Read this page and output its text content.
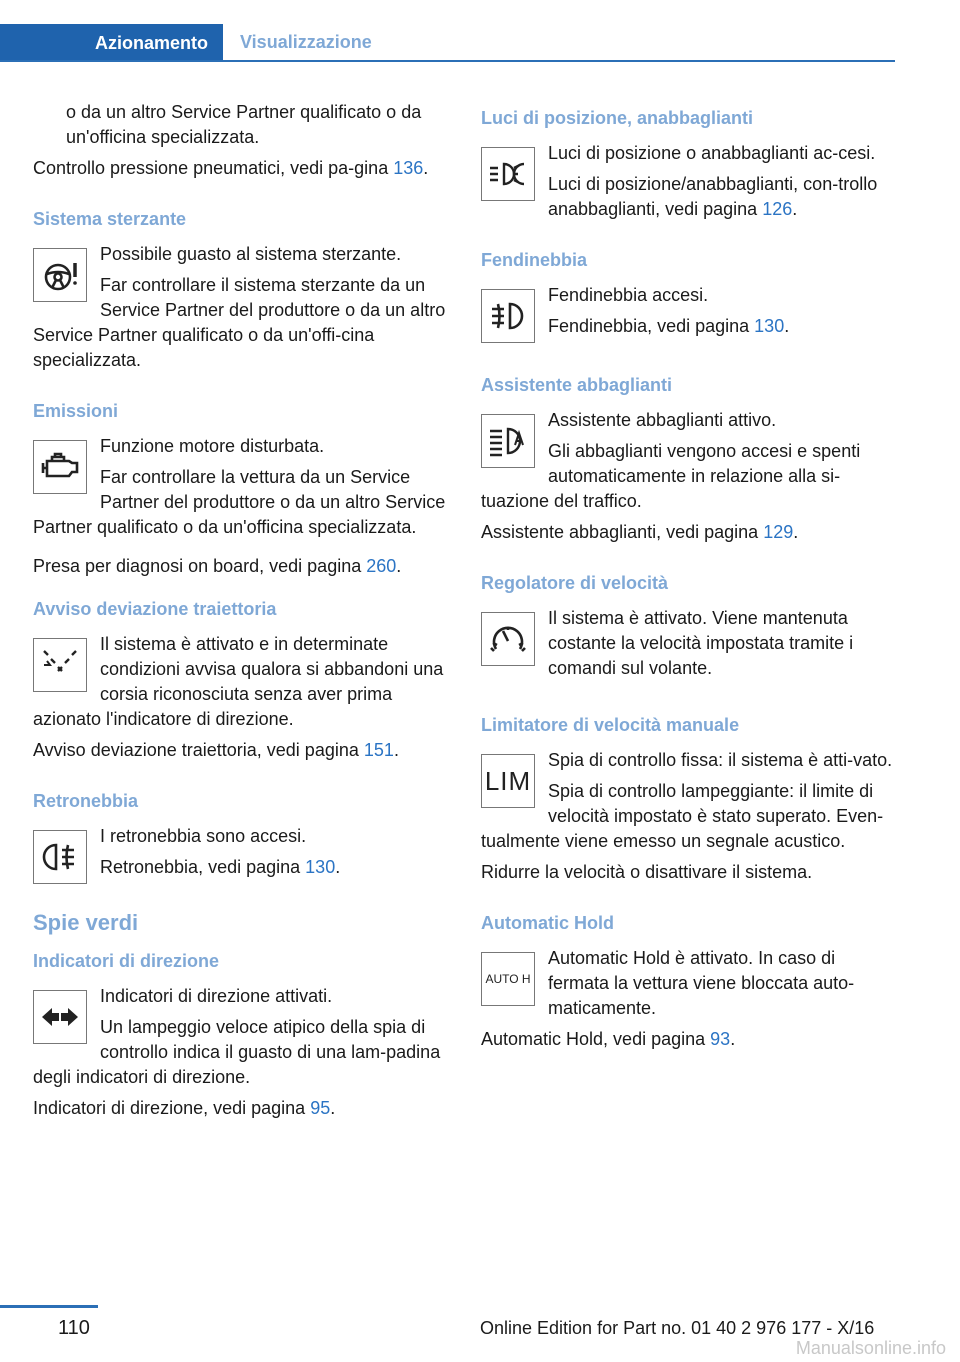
Azionamento	Visualizzazione

o da un altro Service Partner qualificato o da un'officina specializzata.

Controllo pressione pneumatici, vedi pa-gina 136.

Sistema sterzante

Possibile guasto al sistema sterzante.

Far controllare il sistema sterzante da un Service Partner del produttore o da un altro Service Partner qualificato o da un'offi-cina specializzata.

Emissioni

Funzione motore disturbata.

Far controllare la vettura da un Service Partner del produttore o da un altro Service Partner qualificato o da un'officina specializzata.

Presa per diagnosi on board, vedi pagina 260.

Avviso deviazione traiettoria

Il sistema è attivato e in determinate condizioni avvisa qualora si abbandoni una corsia riconosciuta senza aver prima azionato l'indicatore di direzione.

Avviso deviazione traiettoria, vedi pagina 151.

Retronebbia

I retronebbia sono accesi.

Retronebbia, vedi pagina 130.

Spie verdi
Indicatori di direzione

Indicatori di direzione attivati.

Un lampeggio veloce atipico della spia di controllo indica il guasto di una lam-padina degli indicatori di direzione.

Indicatori di direzione, vedi pagina 95.

Luci di posizione, anabbaglianti

Luci di posizione o anabbaglianti ac-cesi.

Luci di posizione/anabbaglianti, con-trollo anabbaglianti, vedi pagina 126.

Fendinebbia

Fendinebbia accesi.

Fendinebbia, vedi pagina 130.

Assistente abbaglianti

Assistente abbaglianti attivo.

Gli abbaglianti vengono accesi e spenti automaticamente in relazione alla si-tuazione del traffico.

Assistente abbaglianti, vedi pagina 129.

Regolatore di velocità

Il sistema è attivato. Viene mantenuta costante la velocità impostata tramite i comandi sul volante.

Limitatore di velocità manuale
LIM

Spia di controllo fissa: il sistema è atti-vato.

Spia di controllo lampeggiante: il limite di velocità impostato è stato superato. Even-tualmente viene emesso un segnale acustico.

Ridurre la velocità o disattivare il sistema.

Automatic Hold
AUTO H

Automatic Hold è attivato. In caso di fermata la vettura viene bloccata auto-maticamente.

Automatic Hold, vedi pagina 93.

110	Online Edition for Part no. 01 40 2 976 177 - X/16
Manualsonline.info
